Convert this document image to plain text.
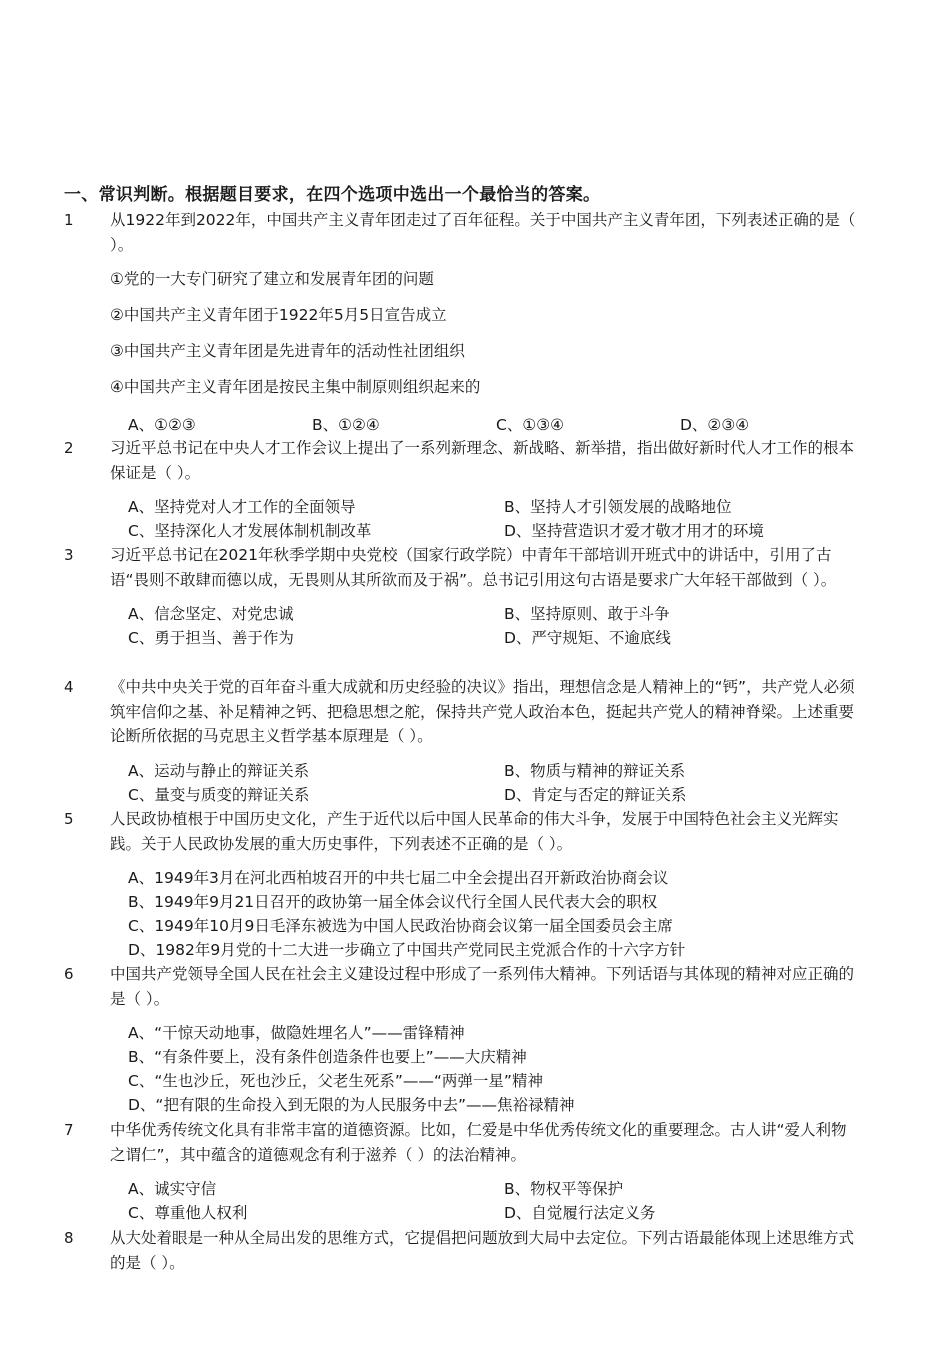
一、常识判断。根据题目要求，在四个选项中选出一个最恰当的答案。
1	从1922年到2022年，中国共产主义青年团走过了百年征程。关于中国共产主义青年团，下列表述正确的是（ ）。
①党的一大专门研究了建立和发展青年团的问题
②中国共产主义青年团于1922年5月5日宣告成立
③中国共产主义青年团是先进青年的活动性社团组织
④中国共产主义青年团是按民主集中制原则组织起来的
A、①②③	B、①②④	C、①③④	D、②③④
2	习近平总书记在中央人才工作会议上提出了一系列新理念、新战略、新举措，指出做好新时代人才工作的根本保证是（ ）。
A、坚持党对人才工作的全面领导	B、坚持人才引领发展的战略地位
C、坚持深化人才发展体制机制改革	D、坚持营造识才爱才敬才用才的环境
3	习近平总书记在2021年秋季学期中央党校（国家行政学院）中青年干部培训开班式中的讲话中，引用了古语“畏则不敢肆而德以成，无畏则从其所欲而及于祸”。总书记引用这句古语是要求广大年轻干部做到（ ）。
A、信念坚定、对党忠诚	B、坚持原则、敢于斗争
C、勇于担当、善于作为	D、严守规矩、不逾底线
4	《中共中央关于党的百年奋斗重大成就和历史经验的决议》指出，理想信念是人精神上的“钙”，共产党人必须筑牢信仰之基、补足精神之钙、把稳思想之舵，保持共产党人政治本色，挺起共产党人的精神脊梁。上述重要论断所依据的马克思主义哲学基本原理是（ ）。
A、运动与静止的辩证关系	B、物质与精神的辩证关系
C、量变与质变的辩证关系	D、肯定与否定的辩证关系
5	人民政协植根于中国历史文化，产生于近代以后中国人民革命的伟大斗争，发展于中国特色社会主义光辉实践。关于人民政协发展的重大历史事件，下列表述不正确的是（ ）。
A、1949年3月在河北西柏坡召开的中共七届二中全会提出召开新政治协商会议
B、1949年9月21日召开的政协第一届全体会议代行全国人民代表大会的职权
C、1949年10月9日毛泽东被选为中国人民政治协商会议第一届全国委员会主席
D、1982年9月党的十二大进一步确立了中国共产党同民主党派合作的十六字方针
6	中国共产党领导全国人民在社会主义建设过程中形成了一系列伟大精神。下列话语与其体现的精神对应正确的是（ ）。
A、“干惊天动地事，做隐姓埋名人”——雷锋精神
B、“有条件要上，没有条件创造条件也要上”——大庆精神
C、“生也沙丘，死也沙丘，父老生死系”——“两弹一星”精神
D、“把有限的生命投入到无限的为人民服务中去”——焦裕禄精神
7	中华优秀传统文化具有非常丰富的道德资源。比如，仁爱是中华优秀传统文化的重要理念。古人讲“爱人利物之谓仁”，其中蕴含的道德观念有利于滋养（ ）的法治精神。
A、诚实守信	B、物权平等保护
C、尊重他人权利	D、自觉履行法定义务
8	从大处着眼是一种从全局出发的思维方式，它提倡把问题放到大局中去定位。下列古语最能体现上述思维方式的是（ ）。
